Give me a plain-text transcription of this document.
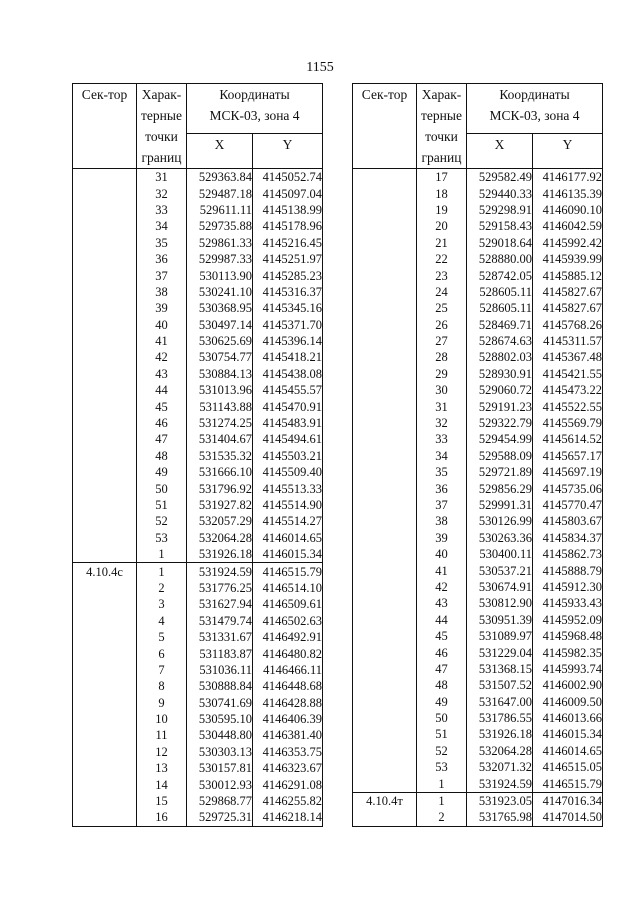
1155
Сек-тор	Харак-
терные
точки
границ	Координаты
МСК-03, зона 4	
		X	Y
	31	529363.84	4145052.74
	32	529487.18	4145097.04
	33	529611.11	4145138.99
	34	529735.88	4145178.96
	35	529861.33	4145216.45
	36	529987.33	4145251.97
	37	530113.90	4145285.23
	38	530241.10	4145316.37
	39	530368.95	4145345.16
	40	530497.14	4145371.70
	41	530625.69	4145396.14
	42	530754.77	4145418.21
	43	530884.13	4145438.08
	44	531013.96	4145455.57
	45	531143.88	4145470.91
	46	531274.25	4145483.91
	47	531404.67	4145494.61
	48	531535.32	4145503.21
	49	531666.10	4145509.40
	50	531796.92	4145513.33
	51	531927.82	4145514.90
	52	532057.29	4145514.27
	53	532064.28	4146014.65
	1	531926.18	4146015.34
4.10.4с	1	531924.59	4146515.79
	2	531776.25	4146514.10
	3	531627.94	4146509.61
	4	531479.74	4146502.63
	5	531331.67	4146492.91
	6	531183.87	4146480.82
	7	531036.11	4146466.11
	8	530888.84	4146448.68
	9	530741.69	4146428.88
	10	530595.10	4146406.39
	11	530448.80	4146381.40
	12	530303.13	4146353.75
	13	530157.81	4146323.67
	14	530012.93	4146291.08
	15	529868.77	4146255.82
	16	529725.31	4146218.14
Сек-тор	Харак-
терные
точки
границ	Координаты
МСК-03, зона 4	
		X	Y
	17	529582.49	4146177.92
	18	529440.33	4146135.39
	19	529298.91	4146090.10
	20	529158.43	4146042.59
	21	529018.64	4145992.42
	22	528880.00	4145939.99
	23	528742.05	4145885.12
	24	528605.11	4145827.67
	25	528605.11	4145827.67
	26	528469.71	4145768.26
	27	528674.63	4145311.57
	28	528802.03	4145367.48
	29	528930.91	4145421.55
	30	529060.72	4145473.22
	31	529191.23	4145522.55
	32	529322.79	4145569.79
	33	529454.99	4145614.52
	34	529588.09	4145657.17
	35	529721.89	4145697.19
	36	529856.29	4145735.06
	37	529991.31	4145770.47
	38	530126.99	4145803.67
	39	530263.36	4145834.37
	40	530400.11	4145862.73
	41	530537.21	4145888.79
	42	530674.91	4145912.30
	43	530812.90	4145933.43
	44	530951.39	4145952.09
	45	531089.97	4145968.48
	46	531229.04	4145982.35
	47	531368.15	4145993.74
	48	531507.52	4146002.90
	49	531647.00	4146009.50
	50	531786.55	4146013.66
	51	531926.18	4146015.34
	52	532064.28	4146014.65
	53	532071.32	4146515.05
	1	531924.59	4146515.79
4.10.4т	1	531923.05	4147016.34
	2	531765.98	4147014.50
